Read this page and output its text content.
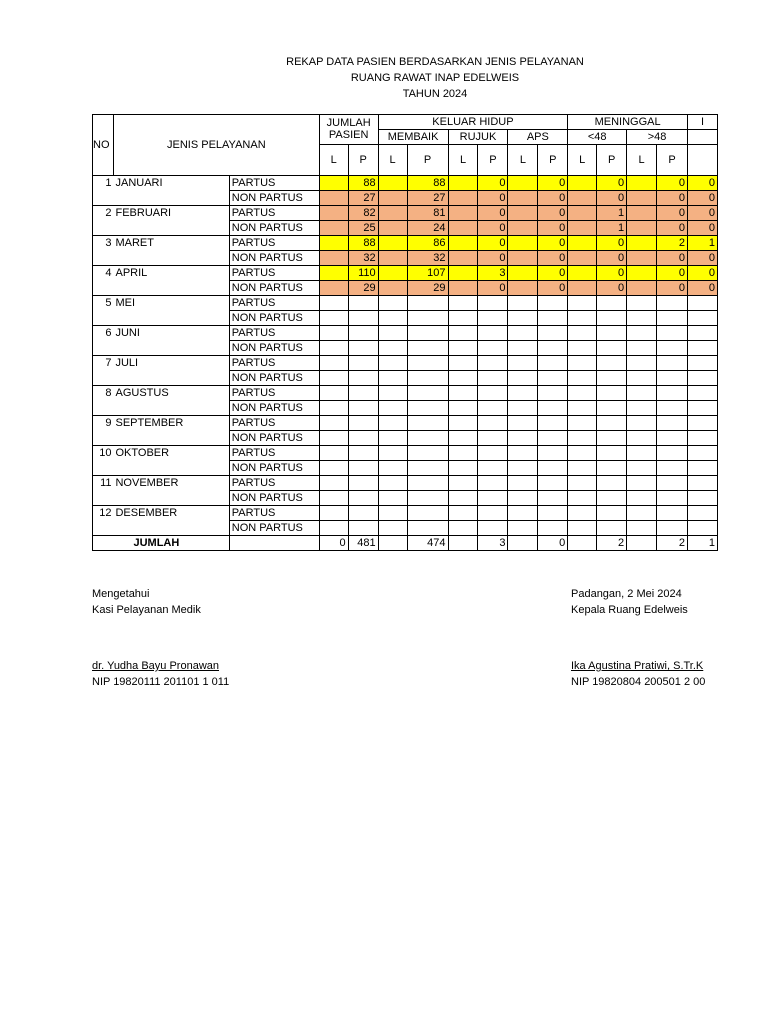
REKAP DATA PASIEN BERDASARKAN JENIS PELAYANAN
RUANG RAWAT INAP EDELWEIS
TAHUN 2024
NO	JENIS PELAYANAN		JUMLAH
PASIEN		KELUAR HIDUP						MENINGGAL				I
					MEMBAIK		RUJUK		APS		<48		>48		
			L	P	L	P	L	P	L	P	L	P	L	P	
1	JANUARI	PARTUS		88		88		0		0		0		0	0
		NON PARTUS		27		27		0		0		0		0	0
2	FEBRUARI	PARTUS		82		81		0		0		1		0	0
		NON PARTUS		25		24		0		0		1		0	0
3	MARET	PARTUS		88		86		0		0		0		2	1
		NON PARTUS		32		32		0		0		0		0	0
4	APRIL	PARTUS		110		107		3		0		0		0	0
		NON PARTUS		29		29		0		0		0		0	0
5	MEI	PARTUS													
		NON PARTUS													
6	JUNI	PARTUS													
		NON PARTUS													
7	JULI	PARTUS													
		NON PARTUS													
8	AGUSTUS	PARTUS													
		NON PARTUS													
9	SEPTEMBER	PARTUS													
		NON PARTUS													
10	OKTOBER	PARTUS													
		NON PARTUS													
11	NOVEMBER	PARTUS													
		NON PARTUS													
12	DESEMBER	PARTUS													
		NON PARTUS													
	JUMLAH		0	481		474		3		0		2		2	1
Mengetahui
Kasi Pelayanan Medik
dr. Yudha Bayu Pronawan
NIP 19820111 201101 1 011
Padangan, 2 Mei 2024
Kepala Ruang Edelweis
Ika Agustina Pratiwi, S.Tr.K
NIP 19820804 200501 2 00
